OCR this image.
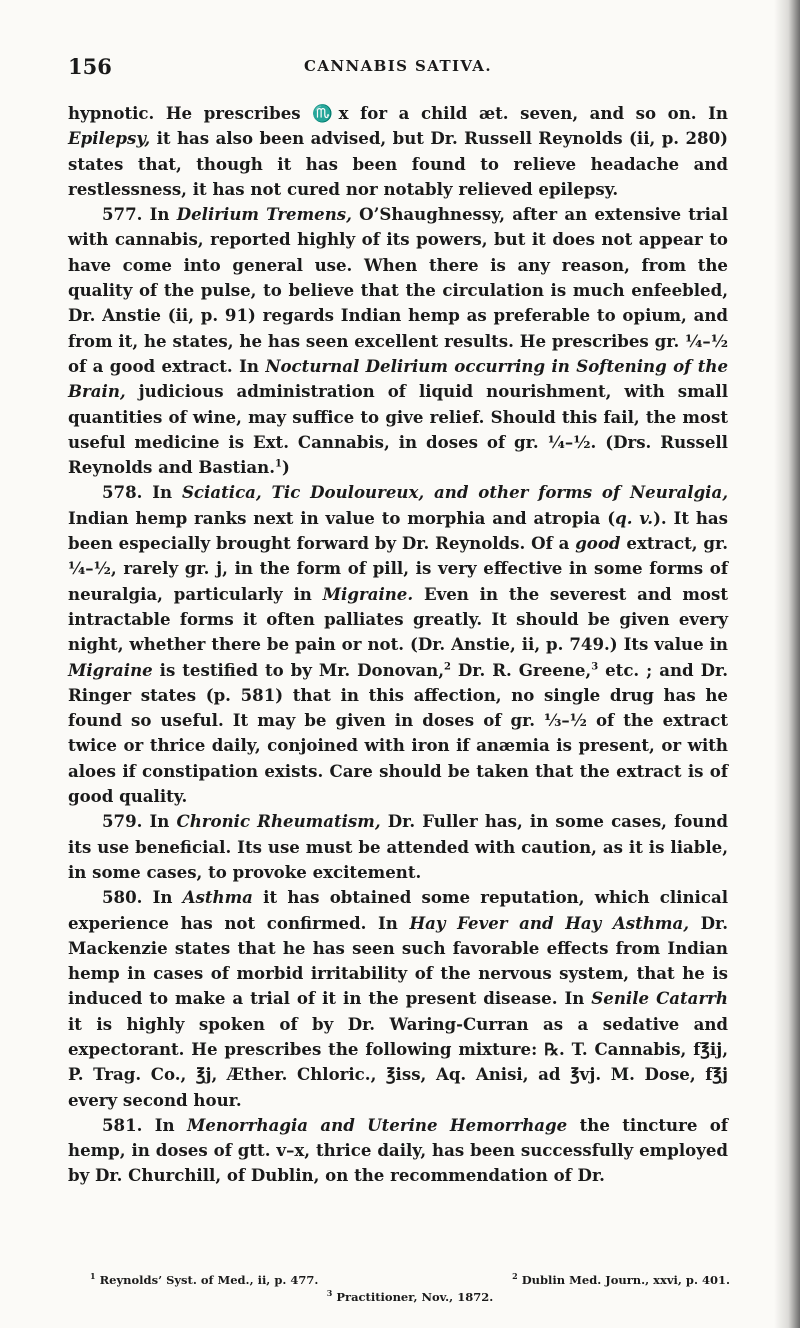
156	CANNABIS SATIVA.

hypnotic. He prescribes ♏x for a child æt. seven, and so on. In Epilepsy, it has also been advised, but Dr. Russell Reynolds (ii, p. 280) states that, though it has been found to relieve headache and restlessness, it has not cured nor notably relieved epilepsy.

577. In Delirium Tremens, O’Shaughnessy, after an extensive trial with cannabis, reported highly of its powers, but it does not appear to have come into general use. When there is any reason, from the quality of the pulse, to believe that the circulation is much enfeebled, Dr. Anstie (ii, p. 91) regards Indian hemp as preferable to opium, and from it, he states, he has seen excellent results. He prescribes gr. ¼–½ of a good extract. In Nocturnal Delirium occurring in Softening of the Brain, judicious administration of liquid nourishment, with small quantities of wine, may suffice to give relief. Should this fail, the most useful medicine is Ext. Cannabis, in doses of gr. ¼–½. (Drs. Russell Reynolds and Bastian.$^1$)

578. In Sciatica, Tic Douloureux, and other forms of Neuralgia, Indian hemp ranks next in value to morphia and atropia (q. v.). It has been especially brought forward by Dr. Reynolds. Of a good extract, gr. ¼–½, rarely gr. j, in the form of pill, is very effective in some forms of neuralgia, particularly in Migraine. Even in the severest and most intractable forms it often palliates greatly. It should be given every night, whether there be pain or not. (Dr. Anstie, ii, p. 749.) Its value in Migraine is testified to by Mr. Donovan,$^2$ Dr. R. Greene,$^3$ etc. ; and Dr. Ringer states (p. 581) that in this affection, no single drug has he found so useful. It may be given in doses of gr. ⅓–½ of the extract twice or thrice daily, conjoined with iron if anæmia is present, or with aloes if constipation exists. Care should be taken that the extract is of good quality.

579. In Chronic Rheumatism, Dr. Fuller has, in some cases, found its use beneficial. Its use must be attended with caution, as it is liable, in some cases, to provoke excitement.

580. In Asthma it has obtained some reputation, which clinical experience has not confirmed. In Hay Fever and Hay Asthma, Dr. Mackenzie states that he has seen such favorable effects from Indian hemp in cases of morbid irritability of the nervous system, that he is induced to make a trial of it in the present disease. In Senile Catarrh it is highly spoken of by Dr. Waring-Curran as a sedative and expectorant. He prescribes the following mixture: ℞. T. Cannabis, f℥ij, P. Trag. Co., ℥j, Æther. Chloric., ℥iss, Aq. Anisi, ad ℥vj. M. Dose, f℥j every second hour.

581. In Menorrhagia and Uterine Hemorrhage the tincture of hemp, in doses of gtt. v–x, thrice daily, has been successfully employed by Dr. Churchill, of Dublin, on the recommendation of Dr.

$^1$ Reynolds’ Syst. of Med., ii, p. 477.	$^2$ Dublin Med. Journ., xxvi, p. 401.
$^3$ Practitioner, Nov., 1872.
